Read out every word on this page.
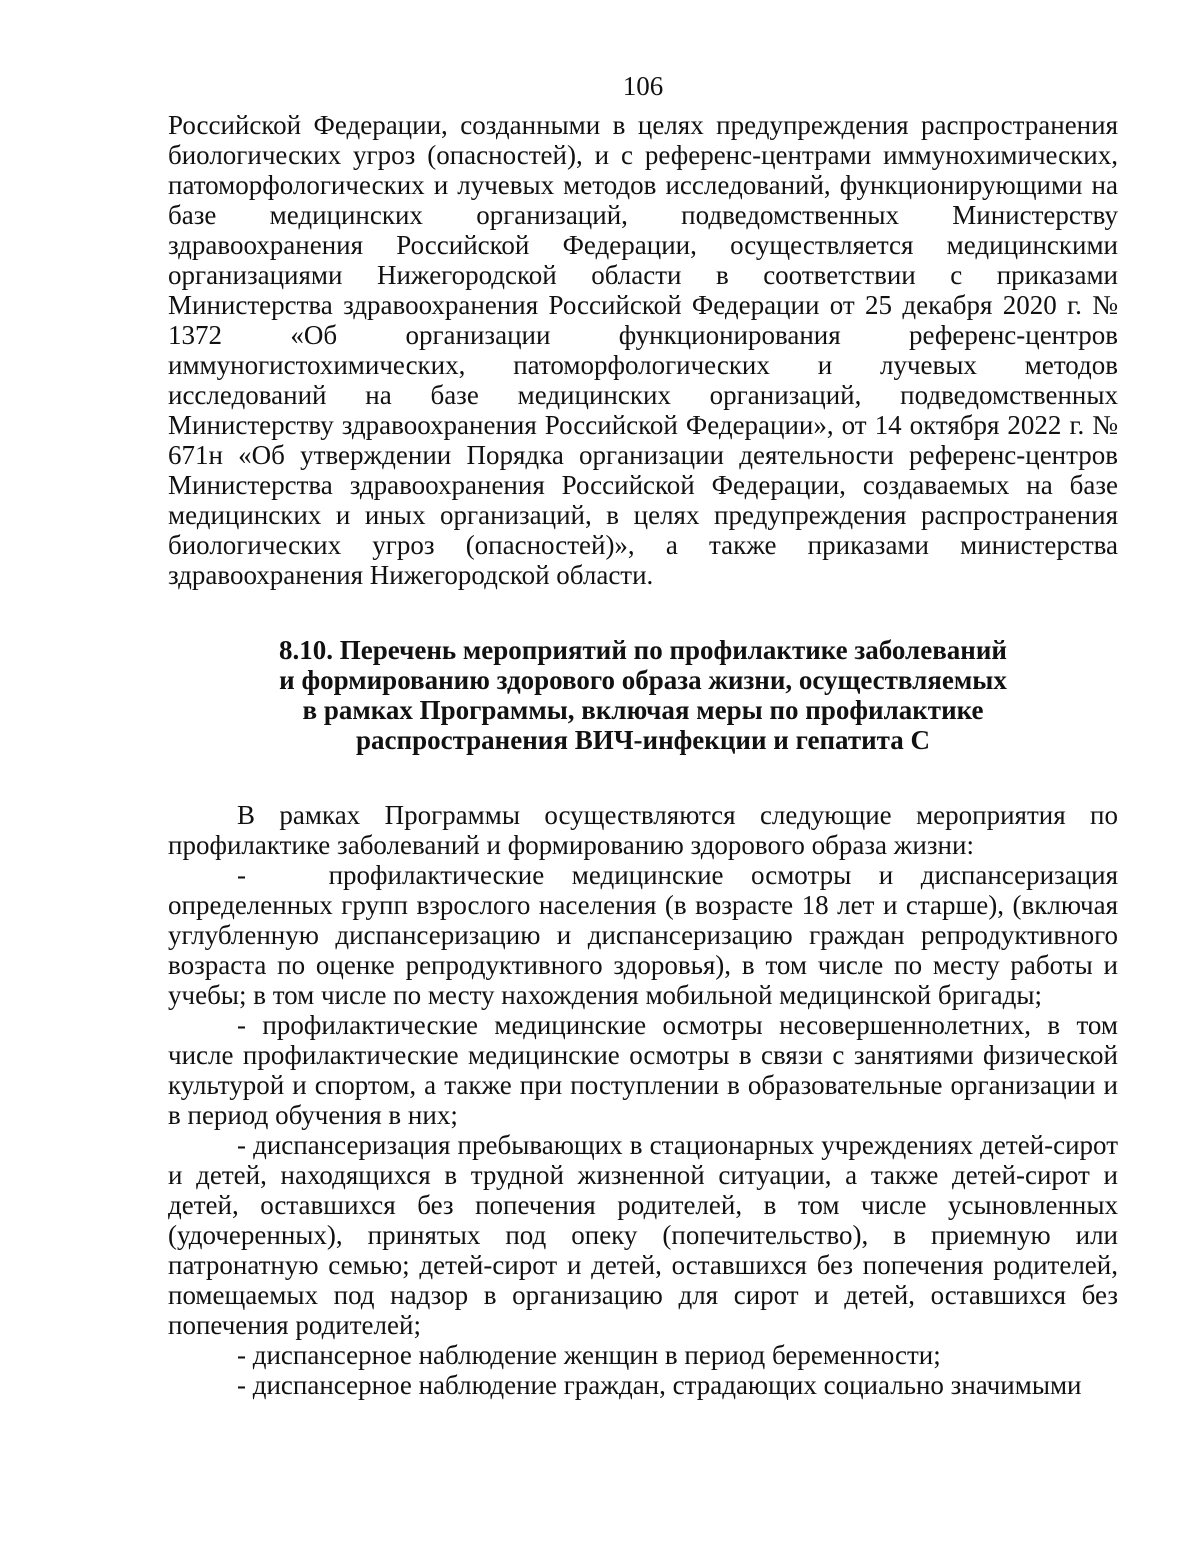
106

Российской Федерации, созданными в целях предупреждения распространения биологических угроз (опасностей), и с референс-центрами иммунохимических, патоморфологических и лучевых методов исследований, функционирующими на базе медицинских организаций, подведомственных Министерству здравоохранения Российской Федерации, осуществляется медицинскими организациями Нижегородской области в соответствии с приказами Министерства здравоохранения Российской Федерации от 25 декабря 2020 г. № 1372 «Об организации функционирования референс-центров иммуногистохимических, патоморфологических и лучевых методов исследований на базе медицинских организаций, подведомственных Министерству здравоохранения Российской Федерации», от 14 октября 2022 г. № 671н «Об утверждении Порядка организации деятельности референс-центров Министерства здравоохранения Российской Федерации, создаваемых на базе медицинских и иных организаций, в целях предупреждения распространения биологических угроз (опасностей)», а также приказами министерства здравоохранения Нижегородской области.

8.10. Перечень мероприятий по профилактике заболеваний
и формированию здорового образа жизни, осуществляемых
в рамках Программы, включая меры по профилактике
распространения ВИЧ-инфекции и гепатита С

В рамках Программы осуществляются следующие мероприятия по профилактике заболеваний и формированию здорового образа жизни:

-   профилактические медицинские осмотры и диспансеризация определенных групп взрослого населения (в возрасте 18 лет и старше), (включая углубленную диспансеризацию и диспансеризацию граждан репродуктивного возраста по оценке репродуктивного здоровья), в том числе по месту работы и учебы; в том числе по месту нахождения мобильной медицинской бригады;

- профилактические медицинские осмотры несовершеннолетних, в том числе профилактические медицинские осмотры в связи с занятиями физической культурой и спортом, а также при поступлении в образовательные организации и в период обучения в них;

- диспансеризация пребывающих в стационарных учреждениях детей-сирот и детей, находящихся в трудной жизненной ситуации, а также детей-сирот и детей, оставшихся без попечения родителей, в том числе усыновленных (удочеренных), принятых под опеку (попечительство), в приемную или патронатную семью; детей-сирот и детей, оставшихся без попечения родителей, помещаемых под надзор в организацию для сирот и детей, оставшихся без попечения родителей;

- диспансерное наблюдение женщин в период беременности;

- диспансерное наблюдение граждан, страдающих социально значимыми
